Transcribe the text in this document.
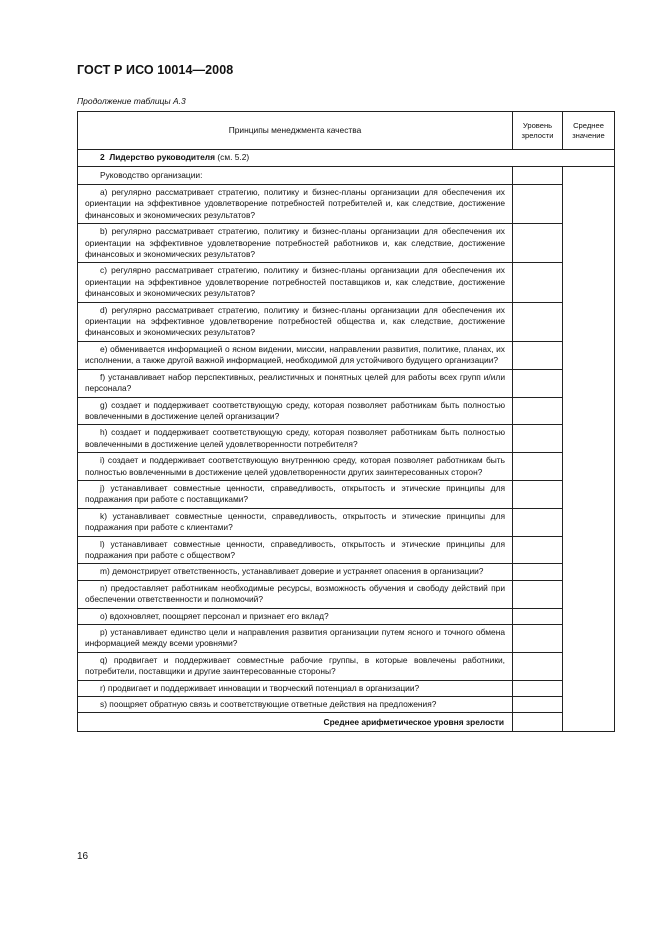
ГОСТ Р ИСО 10014—2008
Продолжение таблицы А.3
Принципы менеджмента качества	Уровень зрелости	Среднее значение
2 Лидерство руководителя (см. 5.2)		
Руководство организации:		
а) регулярно рассматривает стратегию, политику и бизнес-планы организации для обеспечения их ориентации на эффективное удовлетворение потребностей потребителей и, как следствие, достижение финансовых и экономических результатов?		
b) регулярно рассматривает стратегию, политику и бизнес-планы организации для обеспечения их ориентации на эффективное удовлетворение потребностей работников и, как следствие, достижение финансовых и экономических результатов?		
с) регулярно рассматривает стратегию, политику и бизнес-планы организации для обеспечения их ориентации на эффективное удовлетворение потребностей поставщиков и, как следствие, достижение финансовых и экономических результатов?		
d) регулярно рассматривает стратегию, политику и бизнес-планы организации для обеспечения их ориентации на эффективное удовлетворение потребностей общества и, как следствие, достижение финансовых и экономических результатов?		
е) обменивается информацией о ясном видении, миссии, направлении развития, политике, планах, их исполнении, а также другой важной информацией, необходимой для устойчивого будущего организации?		
f) устанавливает набор перспективных, реалистичных и понятных целей для работы всех групп и/или персонала?		
g) создает и поддерживает соответствующую среду, которая позволяет работникам быть полностью вовлеченными в достижение целей организации?		
h) создает и поддерживает соответствующую среду, которая позволяет работникам быть полностью вовлеченными в достижение целей удовлетворенности потребителя?		
i) создает и поддерживает соответствующую внутреннюю среду, которая позволяет работникам быть полностью вовлеченными в достижение целей удовлетворенности других заинтересованных сторон?		
j) устанавливает совместные ценности, справедливость, открытость и этические принципы для подражания при работе с поставщиками?		
k) устанавливает совместные ценности, справедливость, открытость и этические принципы для подражания при работе с клиентами?		
l) устанавливает совместные ценности, справедливость, открытость и этические принципы для подражания при работе с обществом?		
m) демонстрирует ответственность, устанавливает доверие и устраняет опасения в организации?		
n) предоставляет работникам необходимые ресурсы, возможность обучения и свободу действий при обеспечении ответственности и полномочий?		
о) вдохновляет, поощряет персонал и признает его вклад?		
р) устанавливает единство цели и направления развития организации путем ясного и точного обмена информацией между всеми уровнями?		
q) продвигает и поддерживает совместные рабочие группы, в которые вовлечены работники, потребители, поставщики и другие заинтересованные стороны?		
r) продвигает и поддерживает инновации и творческий потенциал в организации?		
s) поощряет обратную связь и соответствующие ответные действия на предложения?		
Среднее арифметическое уровня зрелости		
16
